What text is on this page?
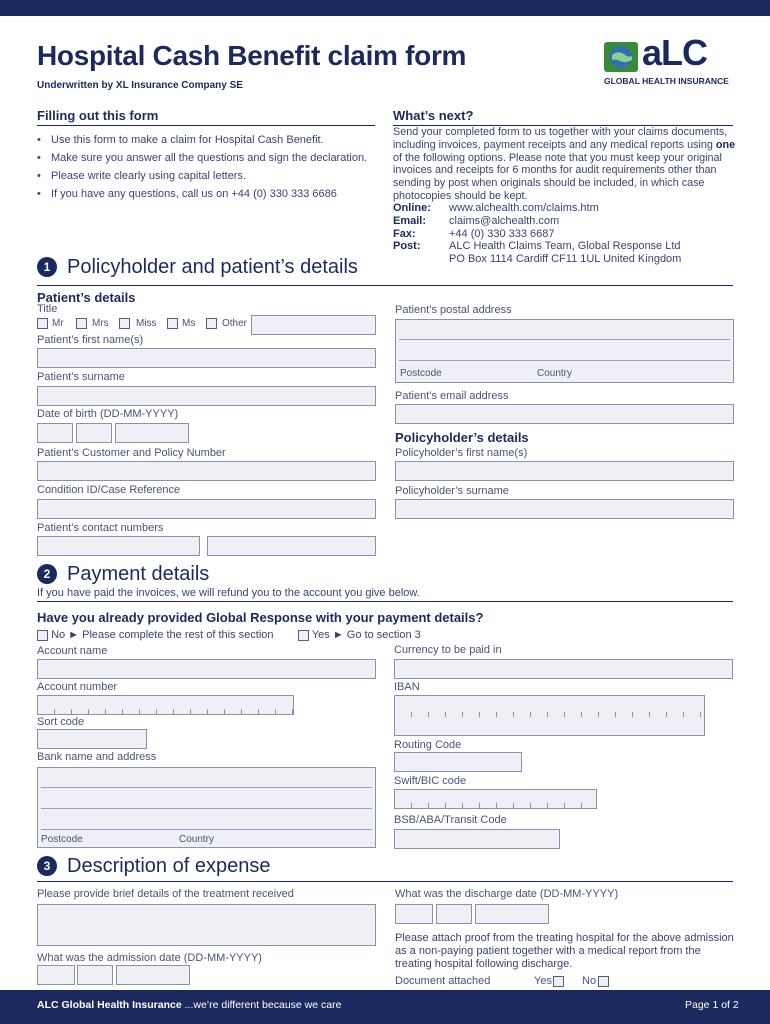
Hospital Cash Benefit claim form
Underwritten by XL Insurance Company SE
aLC
GLOBAL HEALTH INSURANCE
Filling out this form
• Use this form to make a claim for Hospital Cash Benefit.
• Make sure you answer all the questions and sign the declaration.
• Please write clearly using capital letters.
• If you have any questions, call us on +44 (0) 330 333 6686
What’s next?
Send your completed form to us together with your claims documents, including invoices, payment receipts and any medical reports using one of the following options. Please note that you must keep your original invoices and receipts for 6 months for audit requirements other than sending by post when originals should be included, in which case photocopies should be kept.
Online: www.alchealth.com/claims.htm
Email: claims@alchealth.com
Fax:	+44 (0) 330 333 6687
Post:	ALC Health Claims Team, Global Response Ltd
PO Box 1114 Cardiff CF11 1UL United Kingdom
1 Policyholder and patient’s details
Patient’s details
Title
Mr	Mrs	Miss	Ms	Other
Patient’s first name(s)
Patient’s surname
Date of birth (DD-MM-YYYY)
Patient’s Customer and Policy Number
Condition ID/Case Reference
Patient’s contact numbers
Patient’s postal address
Postcode	Country
Patient’s email address
Policyholder’s details
Policyholder’s first name(s)
Policyholder’s surname
2 Payment details
If you have paid the invoices, we will refund you to the account you give below.
Have you already provided Global Response with your payment details?
No ► Please complete the rest of this section	Yes ► Go to section 3
Account name
Account number
Sort code
Bank name and address
Postcode	Country
Currency to be paid in
IBAN
Routing Code
Swift/BIC code
BSB/ABA/Transit Code
3 Description of expense
Please provide brief details of the treatment received
What was the admission date (DD-MM-YYYY)
What was the discharge date (DD-MM-YYYY)
Please attach proof from the treating hospital for the above admission as a non-paying patient together with a medical report from the treating hospital following discharge.
Document attached	Yes	No
ALC Global Health Insurance ...we’re different because we care	Page 1 of 2
